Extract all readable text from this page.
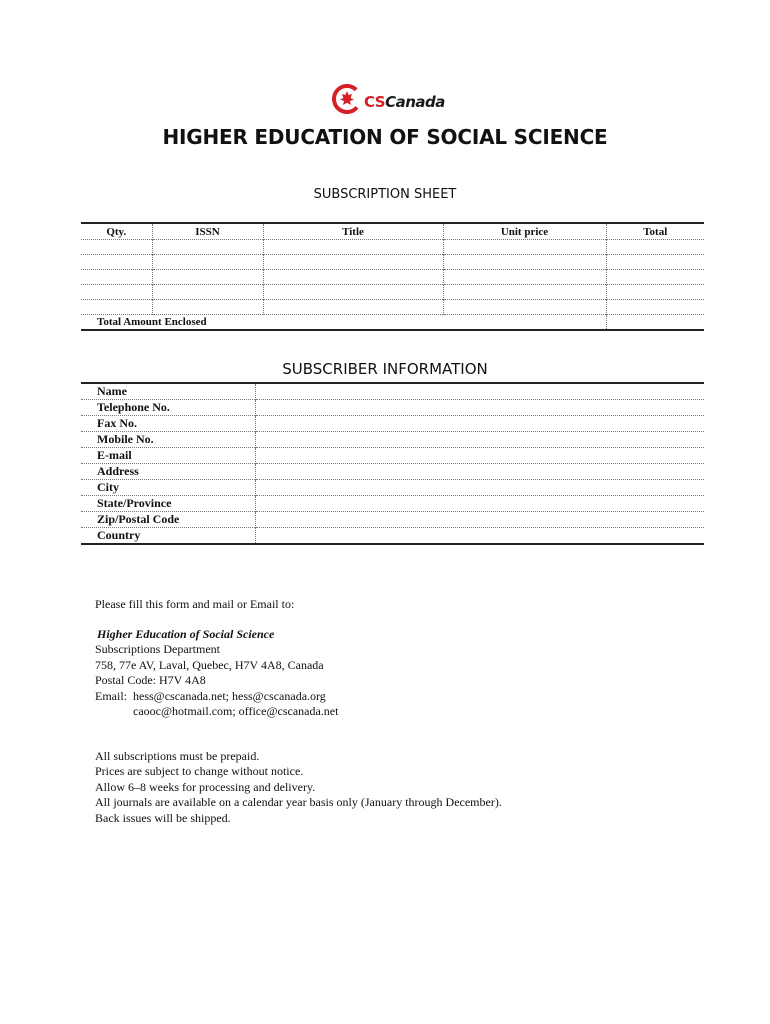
CS Canada
HIGHER EDUCATION OF SOCIAL SCIENCE
SUBSCRIPTION SHEET
Qty.	ISSN	Title	Unit price	Total

Total Amount Enclosed				
SUBSCRIBER INFORMATION
Name	
Telephone No.	
Fax No.	
Mobile No.	
E-mail	
Address	
City	
State/Province	
Zip/Postal Code	
Country	
Please fill this form and mail or Email to:
Higher Education of Social Science
Subscriptions Department
758, 77e AV, Laval, Quebec, H7V 4A8, Canada
Postal Code: H7V 4A8
Email: hess@cscanada.net; hess@cscanada.org
caooc@hotmail.com; office@cscanada.net
All subscriptions must be prepaid.
Prices are subject to change without notice.
Allow 6–8 weeks for processing and delivery.
All journals are available on a calendar year basis only (January through December).
Back issues will be shipped.
